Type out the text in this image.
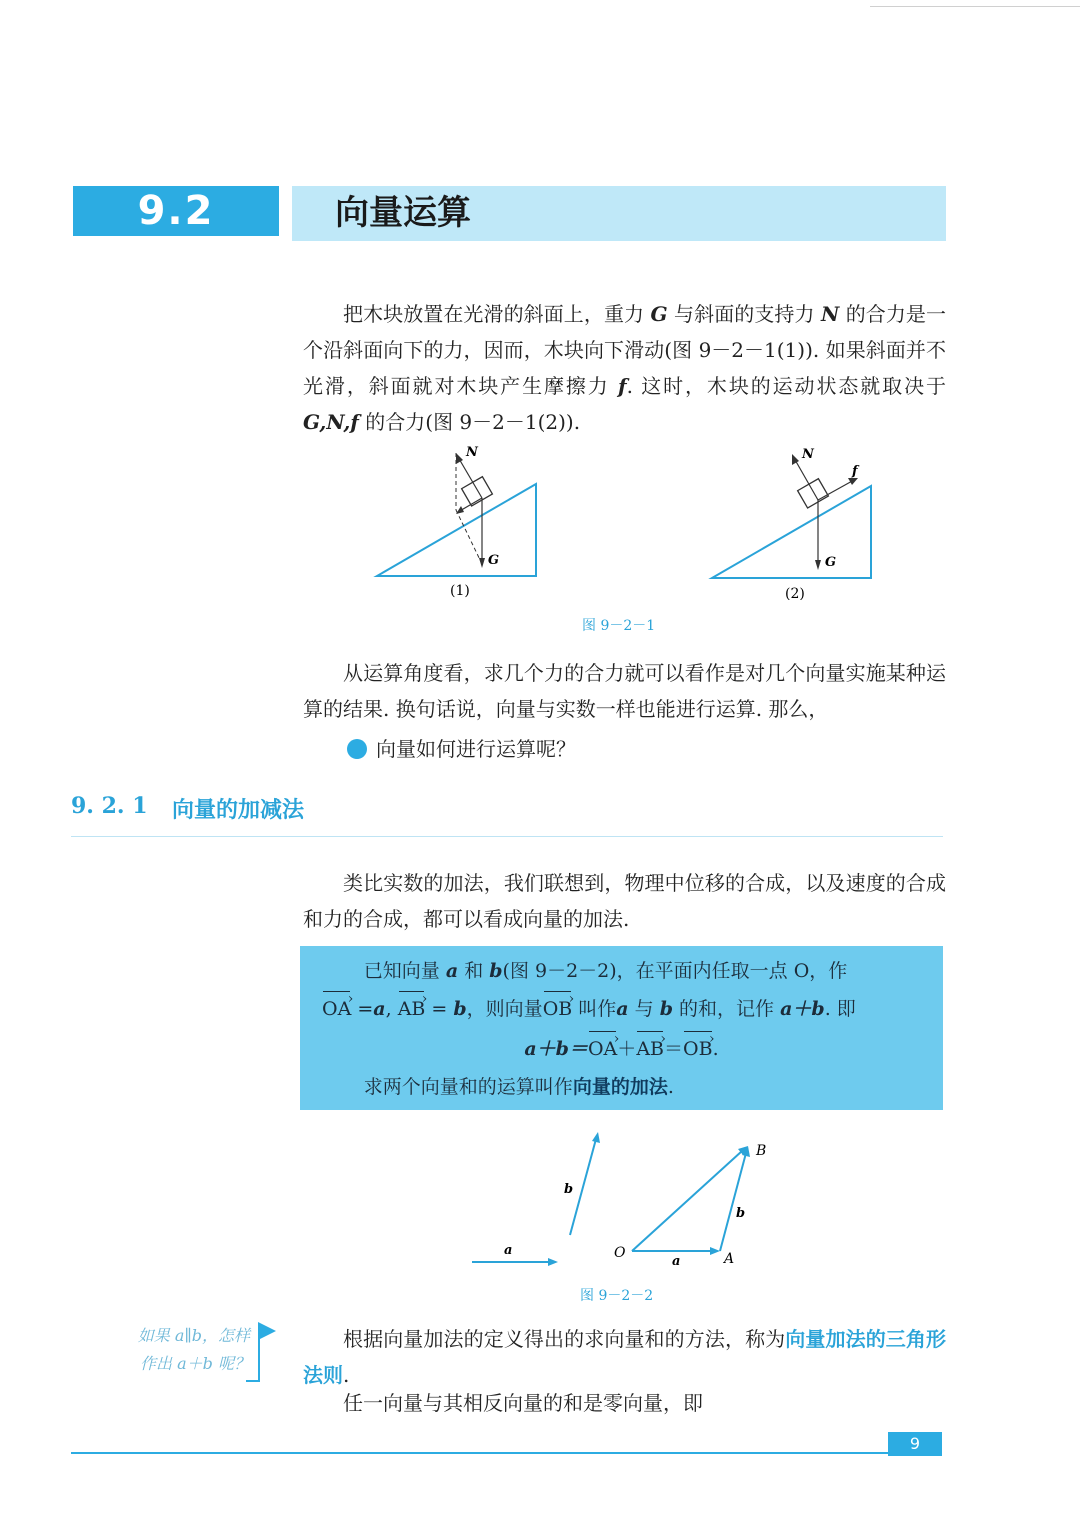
9.2	向量运算
把木块放置在光滑的斜面上，重力 G 与斜面的支持力 N 的合力是一个沿斜面向下的力，因而，木块向下滑动(图 9－2－1(1)). 如果斜面并不光滑，斜面就对木块产生摩擦力 f. 这时，木块的运动状态就取决于 G,N,f 的合力(图 9－2－1(2)).
N
G
(1)
N
f
G
(2)
图 9－2－1
从运算角度看，求几个力的合力就可以看作是对几个向量实施某种运算的结果. 换句话说，向量与实数一样也能进行运算. 那么，
向量如何进行运算呢？
9. 2. 1 向量的加减法
类比实数的加法，我们联想到，物理中位移的合成，以及速度的合成和力的合成，都可以看成向量的加法.
已知向量 a 和 b(图 9－2－2)，在平面内任取一点 O，作
OA › =a, AB › = b，则向量OB › 叫作a 与 b 的和，记作 a＋b. 即
a＋b＝OA ›＋AB ›＝OB ›.
求两个向量和的运算叫作向量的加法.
a
b
O	A
B
a
b
图 9－2－2
如果 a∥b，怎样
作出 a＋b 呢？
根据向量加法的定义得出的求向量和的方法，称为向量加法的三角形法则.
任一向量与其相反向量的和是零向量，即
9
